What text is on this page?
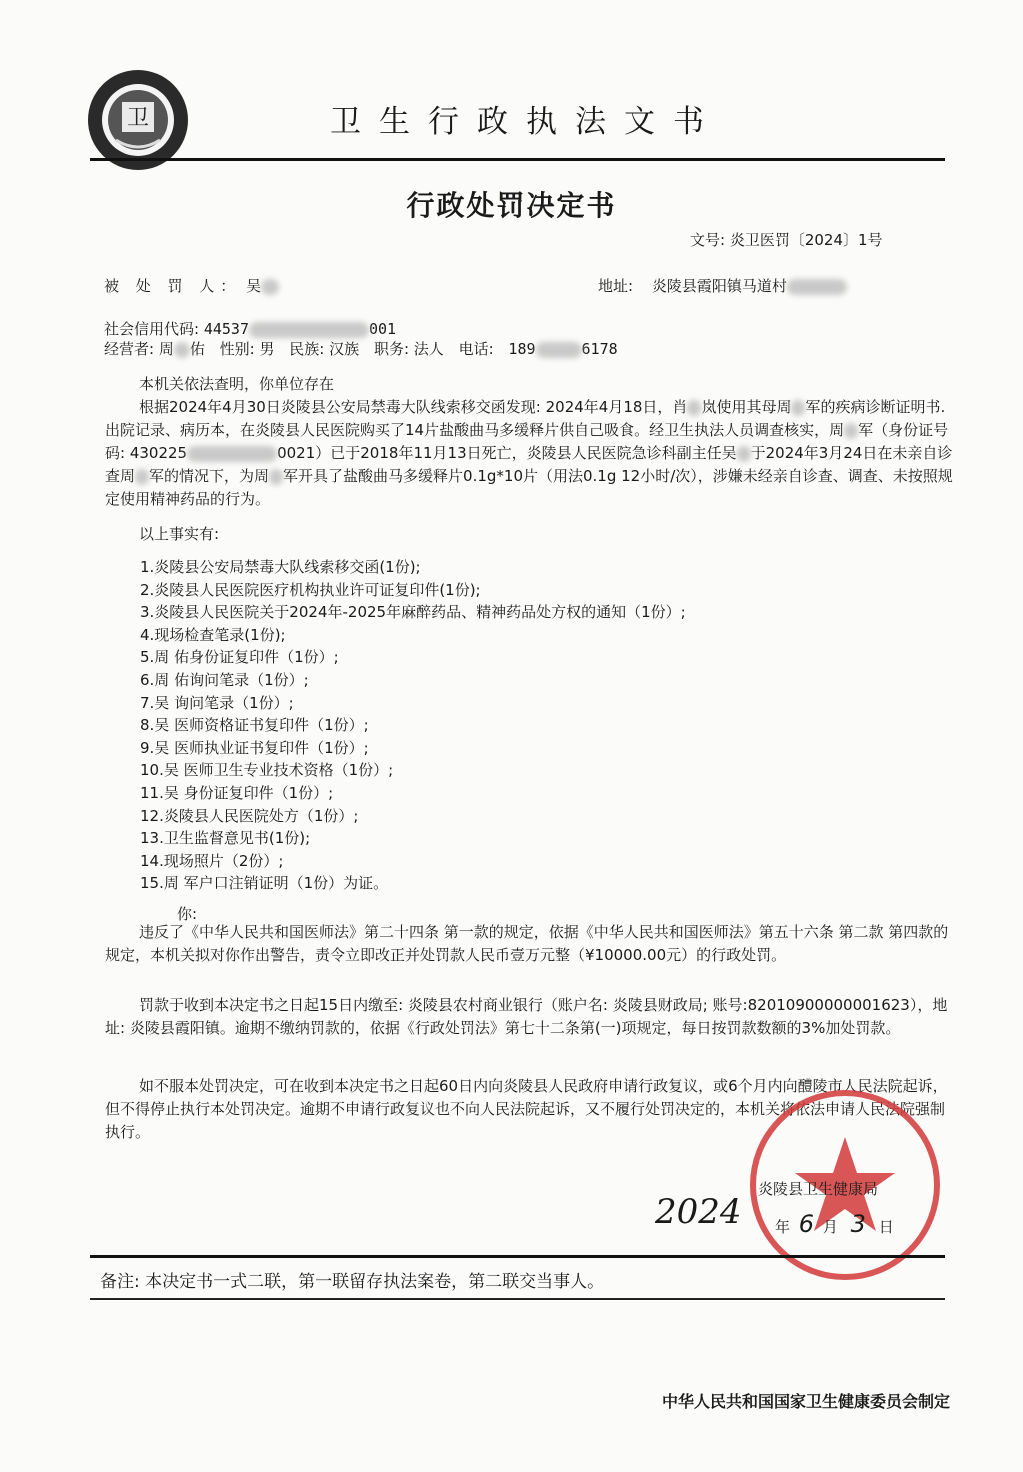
卫	卫生行政执法文书
行政处罚决定书
文号: 炎卫医罚〔2024〕1号
被 处 罚 人： 吴	地址: 炎陵县霞阳镇马道村
社会信用代码: 44537	001
经营者: 周 佑 性别: 男 民族: 汉族 职务: 法人 电话: 189	6178
本机关依法查明，你单位存在
根据2024年4月30日炎陵县公安局禁毒大队线索移交函发现: 2024年4月18日，肖 岚使用其母周 军的疾病诊断证明书.出院记录、病历本，在炎陵县人民医院购买了14片盐酸曲马多缓释片供自己吸食。经卫生执法人员调查核实，周 军（身份证号码: 430225	0021）已于2018年11月13日死亡，炎陵县人民医院急诊科副主任吴 于2024年3月24日在未亲自诊查周 军的情况下，为周 军开具了盐酸曲马多缓释片0.1g*10片（用法0.1g 12小时/次），涉嫌未经亲自诊查、调查、未按照规定使用精神药品的行为。
以上事实有:
1.炎陵县公安局禁毒大队线索移交函(1份);
2.炎陵县人民医院医疗机构执业许可证复印件(1份);
3.炎陵县人民医院关于2024年-2025年麻醉药品、精神药品处方权的通知（1份）;
4.现场检查笔录(1份);
5.周 佑身份证复印件（1份）;
6.周 佑询问笔录（1份）;
7.吴 询问笔录（1份）;
8.吴 医师资格证书复印件（1份）;
9.吴 医师执业证书复印件（1份）;
10.吴 医师卫生专业技术资格（1份）;
11.吴 身份证复印件（1份）;
12.炎陵县人民医院处方（1份）;
13.卫生监督意见书(1份);
14.现场照片（2份）;
15.周 军户口注销证明（1份）为证。
你:
违反了《中华人民共和国医师法》第二十四条 第一款的规定，依据《中华人民共和国医师法》第五十六条 第二款 第四款的规定，本机关拟对你作出警告，责令立即改正并处罚款人民币壹万元整（¥10000.00元）的行政处罚。
罚款于收到本决定书之日起15日内缴至: 炎陵县农村商业银行（账户名: 炎陵县财政局; 账号:82010900000001623），地址: 炎陵县霞阳镇。逾期不缴纳罚款的，依据《行政处罚法》第七十二条第(一)项规定，每日按罚款数额的3%加处罚款。
如不服本处罚决定，可在收到本决定书之日起60日内向炎陵县人民政府申请行政复议，或6个月内向醴陵市人民法院起诉，但不得停止执行本处罚决定。逾期不申请行政复议也不向人民法院起诉，又不履行处罚决定的，本机关将依法申请人民法院强制执行。
炎陵县卫生健康局
年 6 月 3 日
2024
备注: 本决定书一式二联，第一联留存执法案卷，第二联交当事人。
中华人民共和国国家卫生健康委员会制定
